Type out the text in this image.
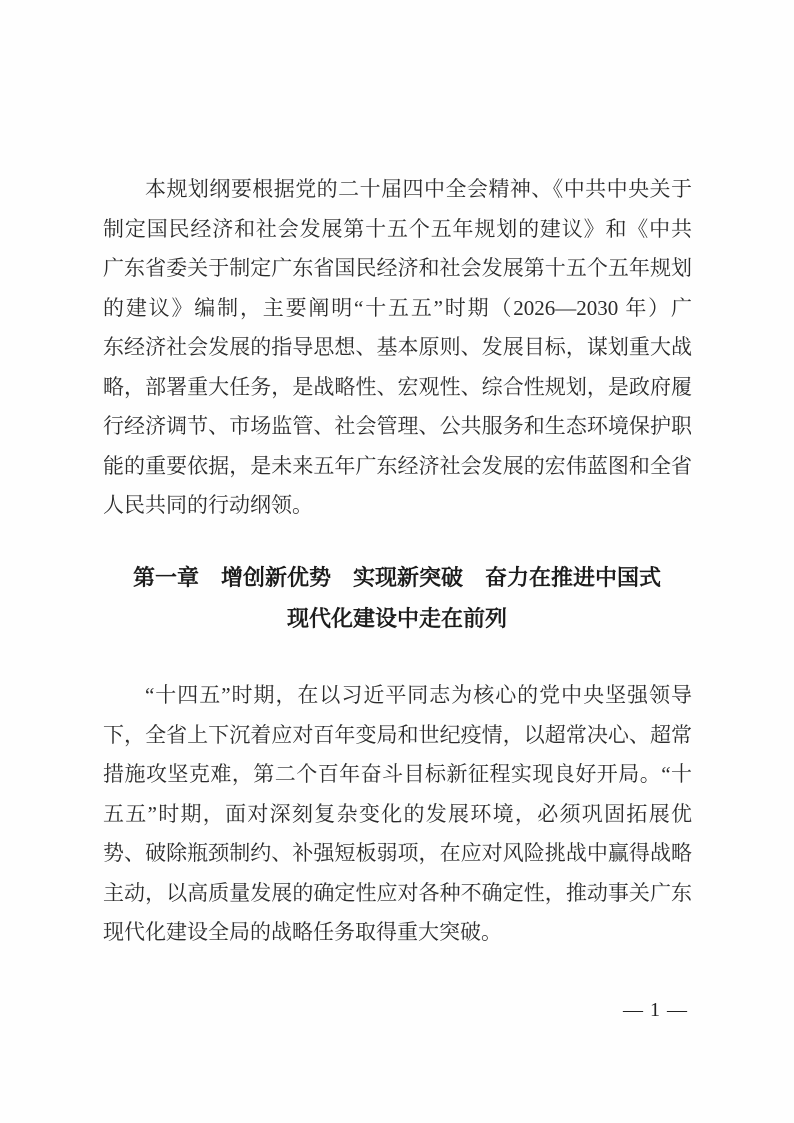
本规划纲要根据党的二十届四中全会精神、《中共中央关于
制定国民经济和社会发展第十五个五年规划的建议》和《中共
广东省委关于制定广东省国民经济和社会发展第十五个五年规划
的建议》编制，主要阐明“十五五”时期（2026—2030 年）广
东经济社会发展的指导思想、基本原则、发展目标，谋划重大战
略，部署重大任务，是战略性、宏观性、综合性规划，是政府履
行经济调节、市场监管、社会管理、公共服务和生态环境保护职
能的重要依据，是未来五年广东经济社会发展的宏伟蓝图和全省
人民共同的行动纲领。
第一章　增创新优势　实现新突破　奋力在推进中国式
现代化建设中走在前列
“十四五”时期，在以习近平同志为核心的党中央坚强领导
下，全省上下沉着应对百年变局和世纪疫情，以超常决心、超常
措施攻坚克难，第二个百年奋斗目标新征程实现良好开局。“十
五五”时期，面对深刻复杂变化的发展环境，必须巩固拓展优
势、破除瓶颈制约、补强短板弱项，在应对风险挑战中赢得战略
主动，以高质量发展的确定性应对各种不确定性，推动事关广东
现代化建设全局的战略任务取得重大突破。
— 1 —
